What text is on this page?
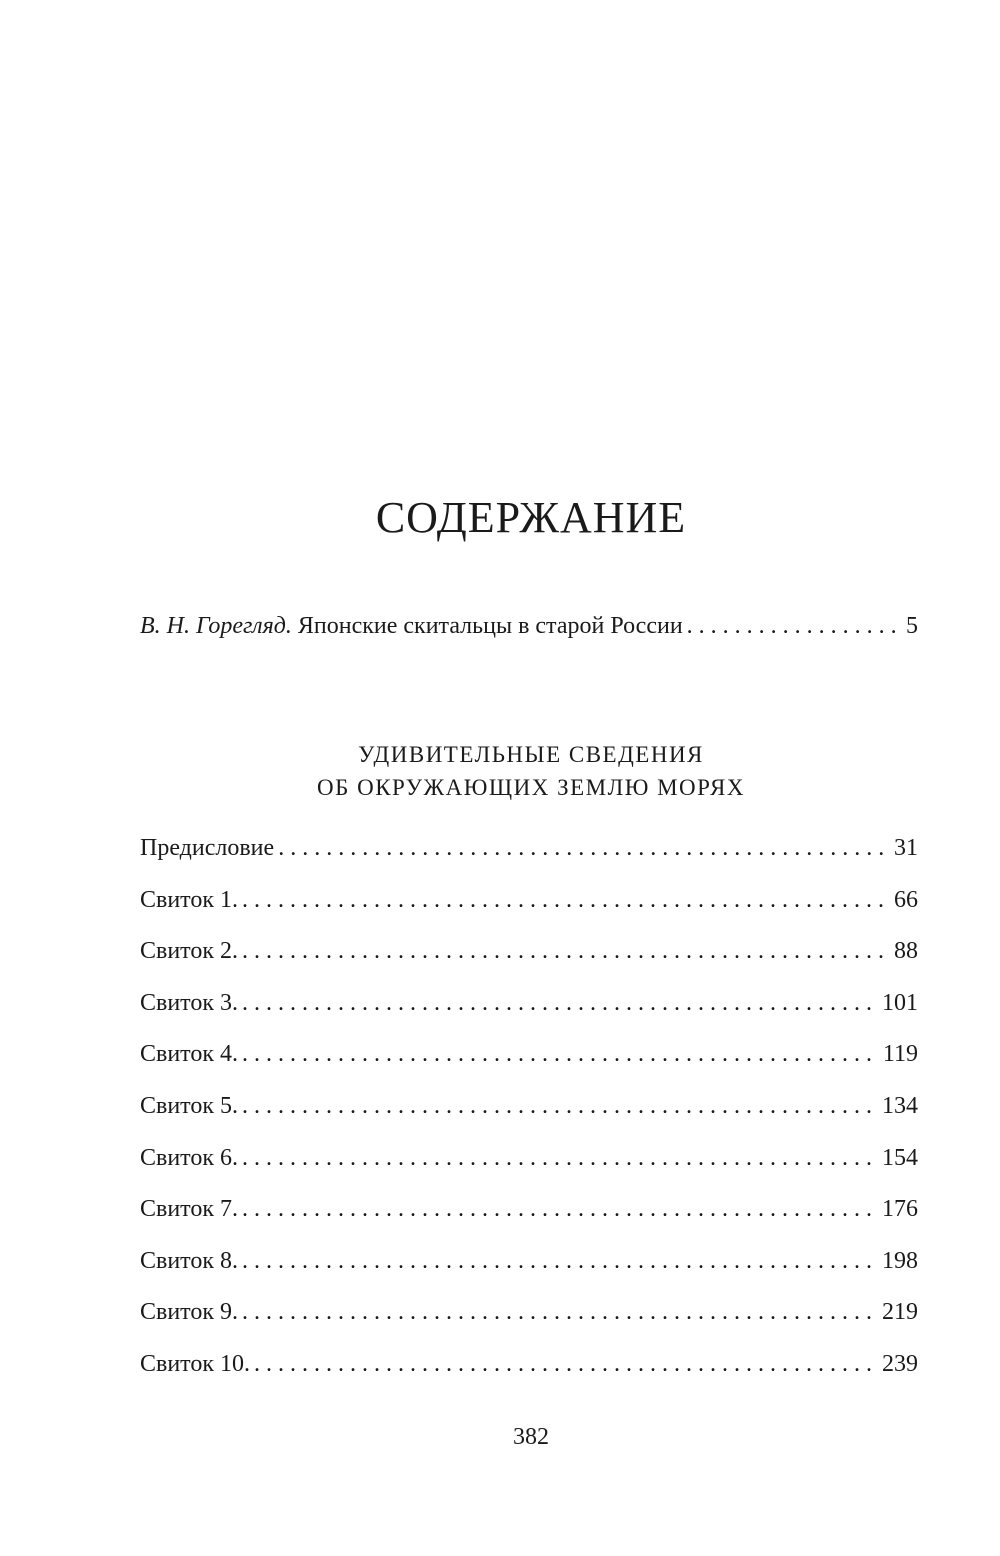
СОДЕРЖАНИЕ
В. Н. Горегляд. Японские скитальцы в старой России . . .	5
УДИВИТЕЛЬНЫЕ СВЕДЕНИЯ
ОБ ОКРУЖАЮЩИХ ЗЕМЛЮ МОРЯХ
Предисловие . . .	31
Свиток 1. . . .	66
Свиток 2. . . .	88
Свиток 3. . . .	101
Свиток 4. . . .	119
Свиток 5. . . .	134
Свиток 6. . . .	154
Свиток 7. . . .	176
Свиток 8. . . .	198
Свиток 9. . . .	219
Свиток 10. . . .	239
382
